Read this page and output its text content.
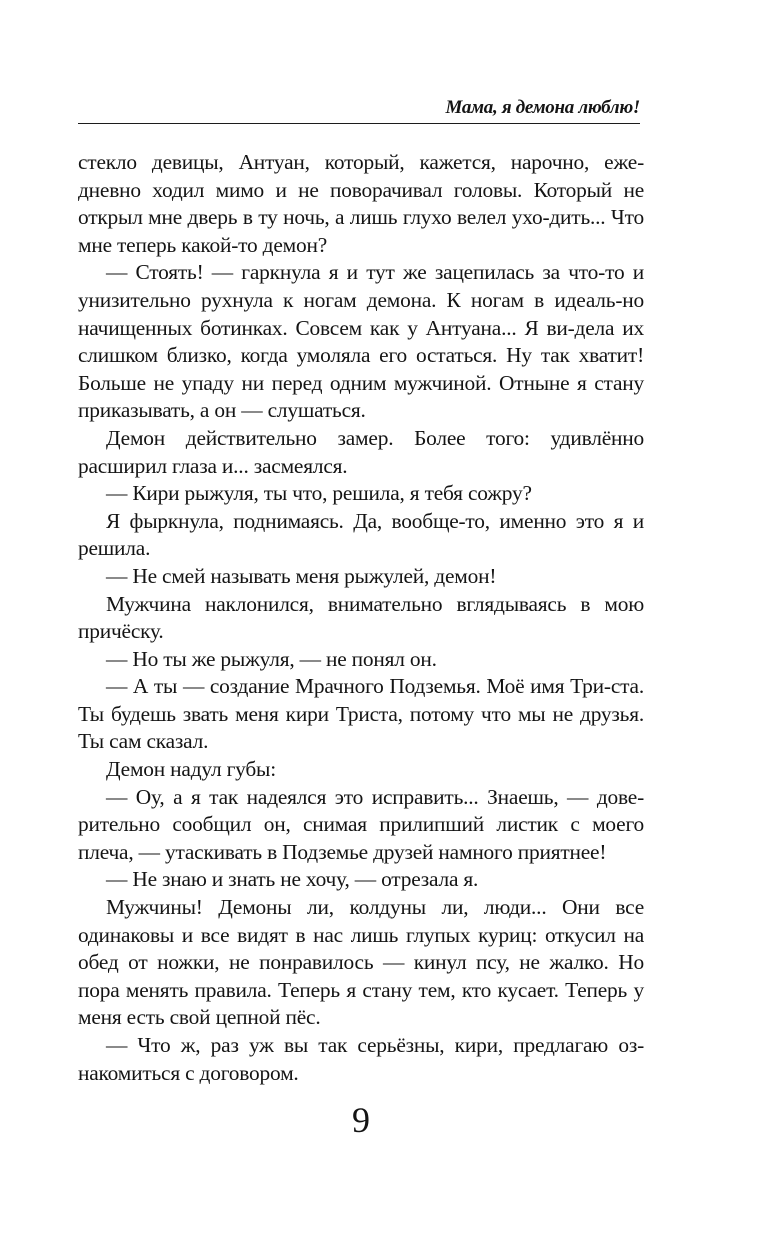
Мама, я демона люблю!

стекло девицы, Антуан, который, кажется, нарочно, еже-дневно ходил мимо и не поворачивал головы. Который не открыл мне дверь в ту ночь, а лишь глухо велел ухо-дить... Что мне теперь какой-то демон?

— Стоять! — гаркнула я и тут же зацепилась за что-то и унизительно рухнула к ногам демона. К ногам в идеаль-но начищенных ботинках. Совсем как у Антуана... Я ви-дела их слишком близко, когда умоляла его остаться. Ну так хватит! Больше не упаду ни перед одним мужчиной. Отныне я стану приказывать, а он — слушаться.

Демон действительно замер. Более того: удивлённо расширил глаза и... засмеялся.

— Кири рыжуля, ты что, решила, я тебя сожру?

Я фыркнула, поднимаясь. Да, вообще-то, именно это я и решила.

— Не смей называть меня рыжулей, демон!

Мужчина наклонился, внимательно вглядываясь в мою причёску.

— Но ты же рыжуля, — не понял он.

— А ты — создание Мрачного Подземья. Моё имя Три-ста. Ты будешь звать меня кири Триста, потому что мы не друзья. Ты сам сказал.

Демон надул губы:

— Оу, а я так надеялся это исправить... Знаешь, — дове-рительно сообщил он, снимая прилипший листик с моего плеча, — утаскивать в Подземье друзей намного приятнее!

— Не знаю и знать не хочу, — отрезала я.

Мужчины! Демоны ли, колдуны ли, люди... Они все одинаковы и все видят в нас лишь глупых куриц: откусил на обед от ножки, не понравилось — кинул псу, не жалко. Но пора менять правила. Теперь я стану тем, кто кусает. Теперь у меня есть свой цепной пёс.

— Что ж, раз уж вы так серьёзны, кири, предлагаю оз-накомиться с договором.

9
